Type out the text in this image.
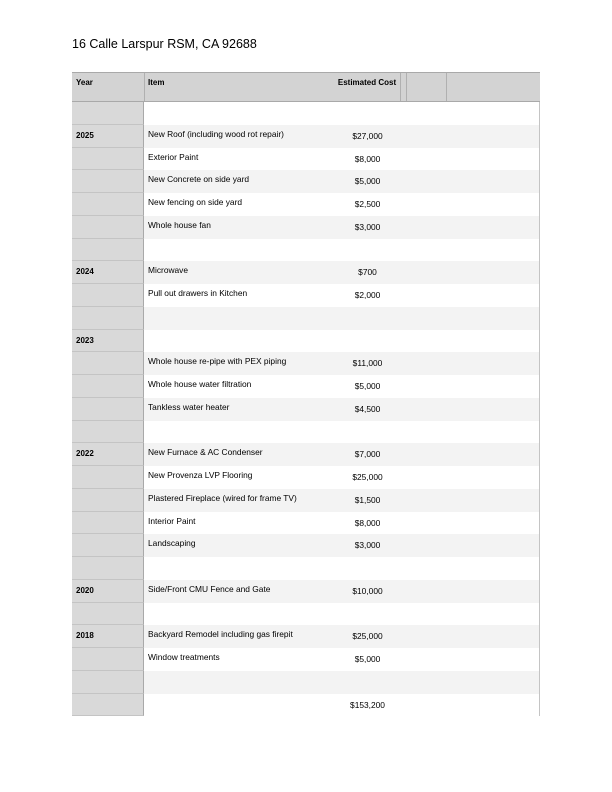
16 Calle Larspur RSM, CA 92688
Year	Item	Estimated Cost
2025	New Roof (including wood rot repair)	$27,000
Exterior Paint	$8,000
New Concrete on side yard	$5,000
New fencing on side yard	$2,500
Whole house fan	$3,000
2024	Microwave	$700
Pull out drawers in Kitchen	$2,000
2023
Whole house re-pipe with PEX piping	$11,000
Whole house water filtration	$5,000
Tankless water heater	$4,500
2022	New Furnace & AC Condenser	$7,000
New Provenza LVP Flooring	$25,000
Plastered Fireplace (wired for frame TV)	$1,500
Interior Paint	$8,000
Landscaping	$3,000
2020	Side/Front CMU Fence and Gate	$10,000
2018	Backyard Remodel including gas firepit	$25,000
Window treatments	$5,000
$153,200
